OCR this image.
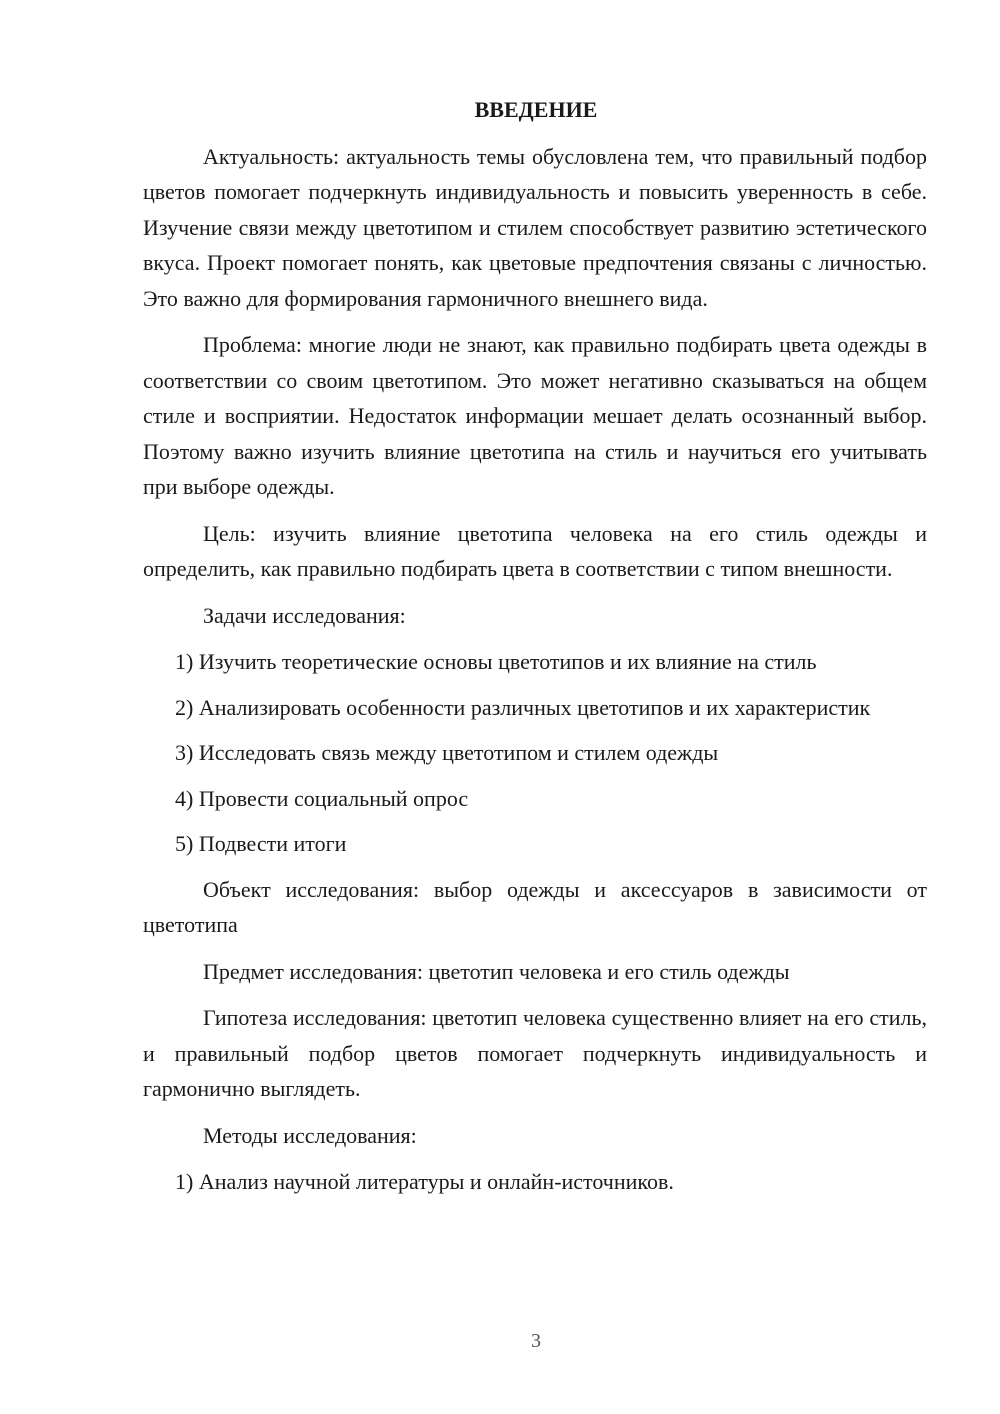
ВВЕДЕНИЕ
Актуальность: актуальность темы обусловлена тем, что правильный подбор цветов помогает подчеркнуть индивидуальность и повысить уверенность в себе. Изучение связи между цветотипом и стилем способствует развитию эстетического вкуса. Проект помогает понять, как цветовые предпочтения связаны с личностью. Это важно для формирования гармоничного внешнего вида.
Проблема: многие люди не знают, как правильно подбирать цвета одежды в соответствии со своим цветотипом. Это может негативно сказываться на общем стиле и восприятии. Недостаток информации мешает делать осознанный выбор. Поэтому важно изучить влияние цветотипа на стиль и научиться его учитывать при выборе одежды.
Цель: изучить влияние цветотипа человека на его стиль одежды и определить, как правильно подбирать цвета в соответствии с типом внешности.
Задачи исследования:
1) Изучить теоретические основы цветотипов и их влияние на стиль
2) Анализировать особенности различных цветотипов и их характеристик
3) Исследовать связь между цветотипом и стилем одежды
4) Провести социальный опрос
5) Подвести итоги
Объект исследования: выбор одежды и аксессуаров в зависимости от цветотипа
Предмет исследования: цветотип человека и его стиль одежды
Гипотеза исследования: цветотип человека существенно влияет на его стиль, и правильный подбор цветов помогает подчеркнуть индивидуальность и гармонично выглядеть.
Методы исследования:
1) Анализ научной литературы и онлайн-источников.
3
